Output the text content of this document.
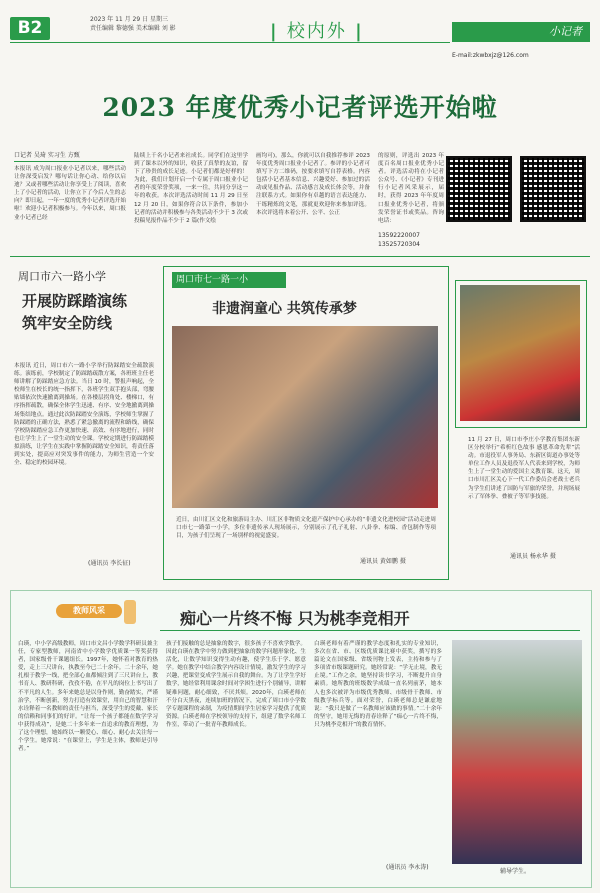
B2	2023 年 11 月 29 日 星期三
责任编辑 黎德强 美术编辑 刘 影	| 校内外 |	小记者
E-mail:zkwbxjz@126.com
2023 年度优秀小记者评选开始啦
口记者 吴琦 实习生 方甄
本报讯 成为周口报业小记者以来，哪些活动让你深受启发？哪句话让你心动、给你以启迪？又或者哪些活动让你享受上了阅读，喜欢上了小记者的活动，让你立下了今后人生的志向？即日起，一年一度的优秀小记者评选开始啦！欢迎小记者积极参与。今年以来，周口报业小记者已经
陆续上千名小记者来社成长。同学们在这里学到了课本以外的知识，收获了真挚的友谊，留下了珍贵的成长足迹。小记者们都是好样的！为此，我们计划开启一个专属于周口报业小记者的年度荣誉奖项，一来一往，共同分享这一年的收获。本次评选活动时间 11 月 29 日至 12 月 20 日，如果你符合以下条件，参加小记者的活动并积极参与各类活动不少于 3 次或投稿见报作品不少于 2 篇(作文绘
画均可)，那么，你就可以自我推荐参评 2023 年度优秀周口报业小记者了。参评的小记者可填写下方二维码，按要求填写自荐表格。内容包括小记者基本信息、兴趣爱好、参加过的活动或见报作品、活动感言及成长体会等，并备注联系方式。如果你有卓越的语言表达能力、干练精炼的文笔，那就更欢迎你来参加评选。本次评选将本着公开、公平、公正
的原则，评选出 2023 年度百名周口报业优秀小记者。评选活动将在小记者公众号、《小记者》专刊进行小记者风采展示，届时，获得 2023 年年度周口报业优秀小记者，将颁发荣誉证书或奖品。咨询电话：
13592220007
13525720304
周口市六一路小学
开展防踩踏演练
筑牢安全防线
本报讯 近日，周口市六一路小学举行防踩踏安全疏散演练。演练前，学校制定了防踩踏疏散方案，各班班主任老师讲解了防踩踏应急方法。当日 10 时，警报声响起，全校师生在校长的统一指挥下，各班学生双手抱头部，弯腰贴墙依次快速撤离到操场。在各楼层拐角处、楼梯口，有序指挥疏散，确保全体学生迅速、有序、安全地撤离到操场集结地点。通过此次防踩踏安全演练，学校师生掌握了防踩踏的正确方法，熟悉了紧急撤离的流程和路线，确保学校防踩踏应急工作更加快速、高效、有序地进行，同时也让学生上了一堂生动的安全课。学校定期进行防踩踏模拟演练，让学生在实践中掌握防踩踏安全知识，将责任落到实处，提高应对突发事件的能力，为师生营造一个安全、稳定的校园环境。
(通讯员 李长征)
周口市七一路一小
非遗润童心 共筑传承梦
近日，由川汇区文化和旅游局主办、川汇区非物质文化遗产保护中心承办的“非遗文化进校园”活动走进周口市七一路第一小学，多位非遗传承人现场展示，分别展示了孔子礼射、八卦拳、棕编、香包制作等项目，为孩子们呈现了一场别样的视觉盛宴。
通讯员 黄如鹏 摄
11 月 27 日，周口市李庄小学教育集团东新区分校举行“希析红色故事 感恩革命先辈”活动。市退役军人事务局、东新区街道办事处等单位工作人员及退役军人代表来到学校，为师生上了一堂生动的爱国主义教育课。这天，周口市川汇区关心下一代工作委员会老战士老兵为学生们讲述了国防与军旅的荣誉，并现场展示了军体拳、叠被子等军事技能。
通讯员 杨永华 摄
教师风采	痴心一片终不悔 只为桃李竞相开
白瑛，中小学高级教师，周口市文昌小学数学科研员兼主任，专家型教师，河南省中小学数学优质课一等奖获得者，国家级骨干课题组长。1997年，她怀着对教育的热爱，走上三尺讲台，执教至今已二十余年。二十余年，她扎根于教学一线，把全部心血都倾注到了三尺讲台上，教书育人、教研科研，孜孜不倦，在平凡的岗位上书写出了不平凡的人生。多年来她总是以身作则，勤奋踏实，严谨治学，不断创新，努力打造有效课堂，用自己的智慧和汗水诠释着一名教师的责任与担当，深受学生的爱戴、家长的信赖和同事们的好评。“让每一个孩子都能在数学学习中获得成功”，是她二十多年来一直追求的教育理想，为了这个理想，她始终以一颗爱心、细心、耐心去关注每一个学生。她常说：“在课堂上，学生是主体，教师是引导者。”
孩子们接触的总是抽象的数字，很多孩子不喜欢学数学。因此白瑛在教学中努力做到把抽象的数学问题形象化、生活化，让数学知识变得生动有趣，使学生乐于学、愿意学。她在教学中结合教学内容设计情境，激发学生的学习兴趣，把课堂变成学生展示自我的舞台。为了让学生学好数学，她经常利用课余时间对学困生进行个别辅导，讲解疑难问题，耐心细致，不厌其烦。2020年，白瑛老师在不分白天黑夜，连续加班的情况下，完成了周口市小学数学专题课程的录制，为疫情期间学生居家学习提供了优质资源。白瑛老师在学校领导的支持下，组建了数学名师工作室，带动了一批青年教师成长。
白瑛老师有着严谨的教学态度和扎实的专业知识，多次在省、市、区级优质课比赛中获奖，撰写的多篇论文在国家级、省级刊物上发表，主持和参与了多项省市级课题研究。她经常说：“学无止境，教无止境。”工作之余，她坚持读书学习，不断提升自身素质。她所教的班级数学成绩一直名列前茅，她本人也多次被评为市级优秀教师、市级骨干教师、市级教学标兵等。面对荣誉，白瑛老师总是谦虚地说：“我只是做了一名教师应该做的事情。”二十余年的坚守，她用无悔的青春诠释了“痴心一片终不悔，只为桃李竞相开”的教育情怀。
(通讯员 李永涛)
辅导学生。
